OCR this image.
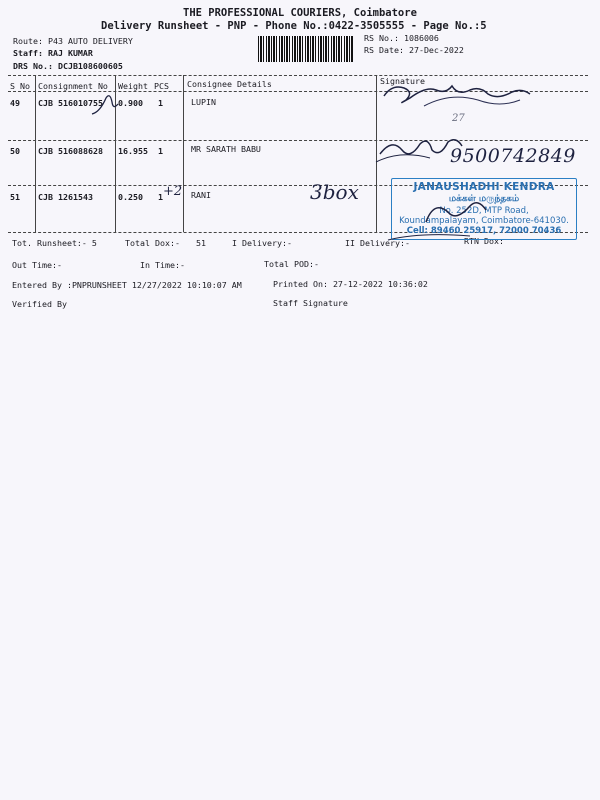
THE PROFESSIONAL COURIERS, Coimbatore
Delivery Runsheet - PNP - Phone No.:0422-3505555 - Page No.:5
Route: P43 AUTO DELIVERY
Staff: RAJ KUMAR
DRS No.: DCJB108600605
RS No.: 1086006
RS Date: 27-Dec-2022
S No Consignment No Weight PCS Consignee Details	Signature
49 CJB 516010755 0.900 1	LUPIN
50 CJB 516088628 16.955 1	MR SARATH BABU
51 CJB 1261543	0.250 1	RANI
Tot. Runsheet:- 5	Total Dox:- 51	I Delivery:-	II Delivery:-	RTN Dox:
Out Time:-	In Time:-	Total POD:-
Entered By :PNPRUNSHEET 12/27/2022 10:10:07 AM	Printed On: 27-12-2022 10:36:02
Verified By	Staff Signature
JANAUSHADHI KENDRA
மக்கள் மருந்தகம்
No. 252D, MTP Road,
Koundampalayam, Coimbatore-641030.
Cell: 89460 25917, 72000 70436
27
9500742849
+2	3box
